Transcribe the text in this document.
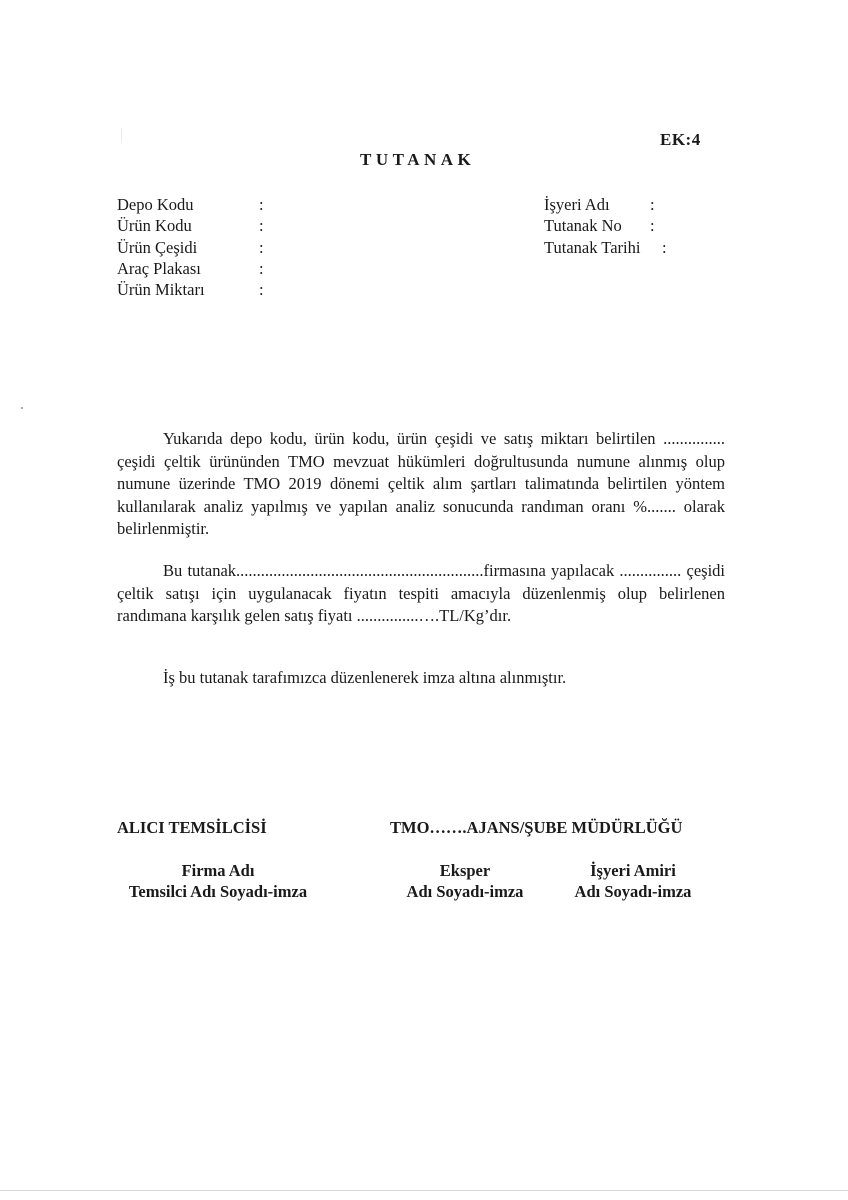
EK:4
TUTANAK
Depo Kodu	:
Ürün Kodu	:
Ürün Çeşidi	:
Araç Plakası	:
Ürün Miktarı	:
İşyeri Adı :
Tutanak No :
Tutanak Tarihi :
Yukarıda depo kodu, ürün kodu, ürün çeşidi ve satış miktarı belirtilen ............... çeşidi çeltik ürününden TMO mevzuat hükümleri doğrultusunda numune alınmış olup numune üzerinde TMO 2019 dönemi çeltik alım şartları talimatında belirtilen yöntem kullanılarak analiz yapılmış ve yapılan analiz sonucunda randıman oranı %....... olarak belirlenmiştir.
Bu tutanak............................................................firmasına yapılacak ............... çeşidi çeltik satışı için uygulanacak fiyatın tespiti amacıyla düzenlenmiş olup belirlenen randımana karşılık gelen satış fiyatı ...............….TL/Kg’dır.
İş bu tutanak tarafımızca düzenlenerek imza altına alınmıştır.
ALICI TEMSİLCİSİ	TMO…….AJANS/ŞUBE MÜDÜRLÜĞÜ
Firma Adı
Temsilci Adı Soyadı-imza
Eksper
Adı Soyadı-imza
İşyeri Amiri
Adı Soyadı-imza
